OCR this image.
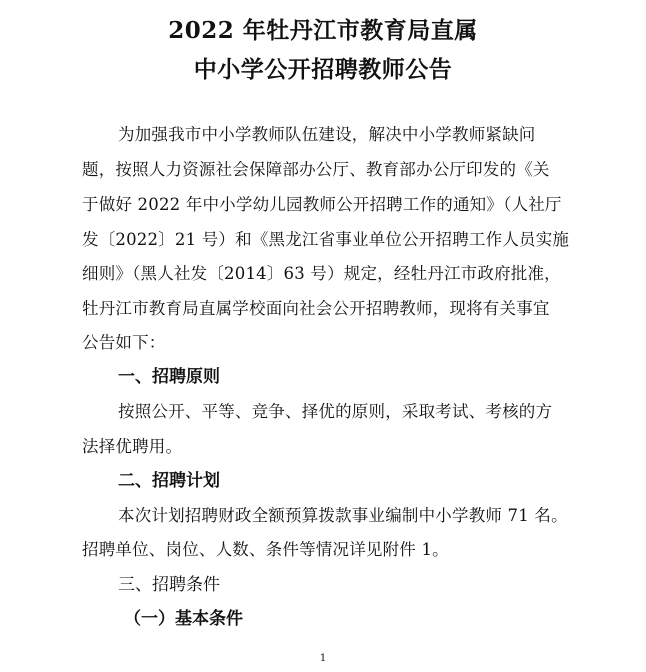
2022 年牡丹江市教育局直属
中小学公开招聘教师公告
为加强我市中小学教师队伍建设，解决中小学教师紧缺问
题，按照人力资源社会保障部办公厅、教育部办公厅印发的《关
于做好 2022 年中小学幼儿园教师公开招聘工作的通知》（人社厅
发〔2022〕21 号）和《黑龙江省事业单位公开招聘工作人员实施
细则》（黑人社发〔2014〕63 号）规定，经牡丹江市政府批准，
牡丹江市教育局直属学校面向社会公开招聘教师，现将有关事宜
公告如下：
一、招聘原则
按照公开、平等、竞争、择优的原则，采取考试、考核的方
法择优聘用。
二、招聘计划
本次计划招聘财政全额预算拨款事业编制中小学教师 71 名。
招聘单位、岗位、人数、条件等情况详见附件 1。
三、招聘条件
（一）基本条件
1
